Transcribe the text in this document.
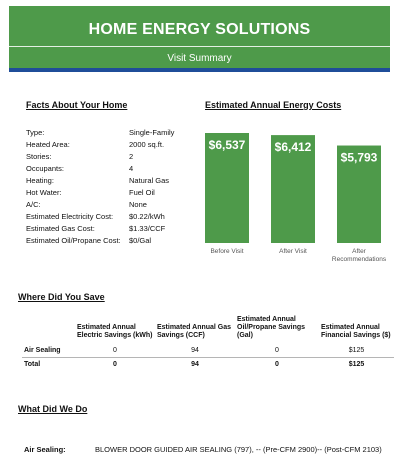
HOME ENERGY SOLUTIONS
Visit Summary
Facts About Your Home
Type:	Single-Family
Heated Area:	2000 sq.ft.
Stories:	2
Occupants:	4
Heating:	Natural Gas
Hot Water:	Fuel Oil
A/C:	None
Estimated Electricity Cost:	$0.22/kWh
Estimated Gas Cost:	$1.33/CCF
Estimated Oil/Propane Cost:	$0/Gal
Estimated Annual Energy Costs
$6,537
Before Visit
$6,412
After Visit
$5,793
After Recommendations
Where Did You Save
	Estimated Annual Electric Savings (kWh)	Estimated Annual Gas Savings (CCF)	Estimated Annual Oil/Propane Savings (Gal)	Estimated Annual Financial Savings ($)
Air Sealing	0	94	0	$125
Total	0	94	0	$125
What Did We Do
Air Sealing:	BLOWER DOOR GUIDED AIR SEALING (797), -- (Pre-CFM 2900)-- (Post-CFM 2103)
